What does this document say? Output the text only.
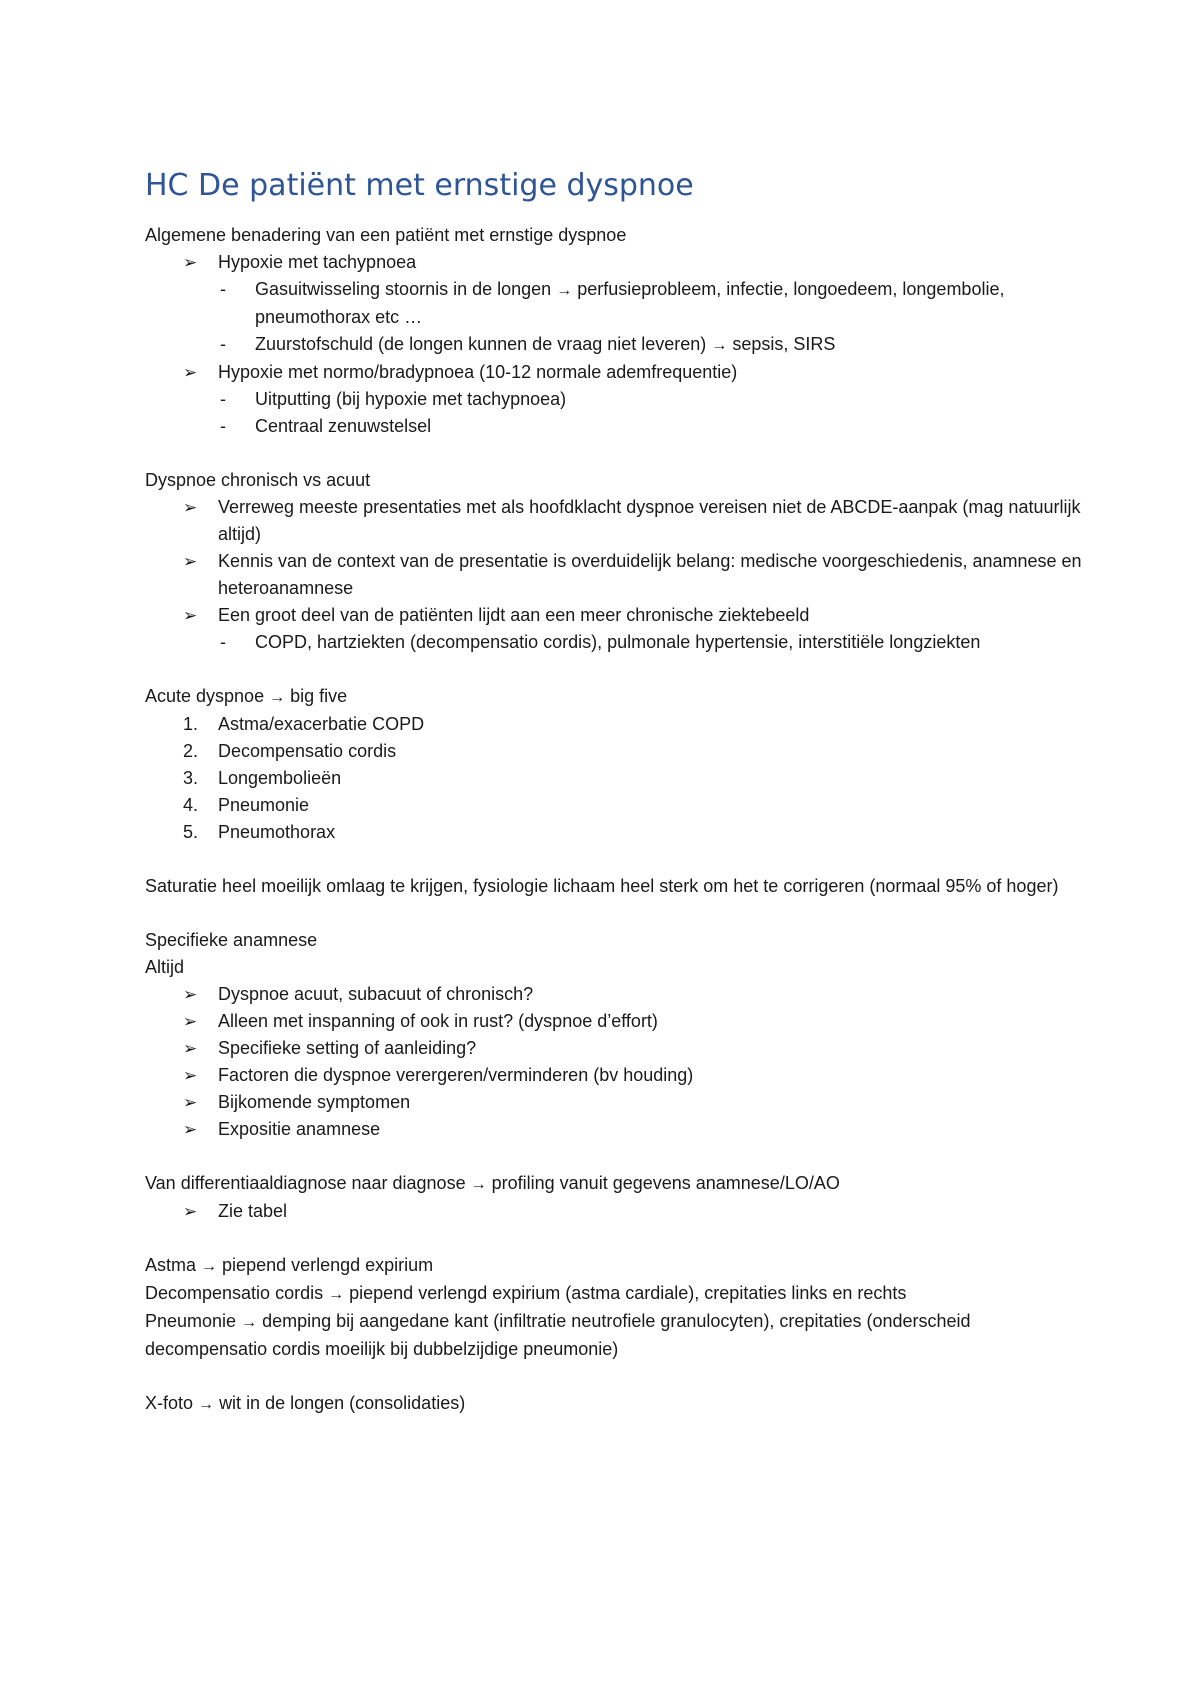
HC De patiënt met ernstige dyspnoe

Algemene benadering van een patiënt met ernstige dyspnoe

➢	Hypoxie met tachypnoea
- Gasuitwisseling stoornis in de longen → perfusieprobleem, infectie, longoedeem, longembolie, pneumothorax etc …
- Zuurstofschuld (de longen kunnen de vraag niet leveren) → sepsis, SIRS
➢	Hypoxie met normo/bradypnoea (10-12 normale ademfrequentie)
- Uitputting (bij hypoxie met tachypnoea)
- Centraal zenuwstelsel

Dyspnoe chronisch vs acuut

➢	Verreweg meeste presentaties met als hoofdklacht dyspnoe vereisen niet de ABCDE-aanpak (mag natuurlijk altijd)
➢	Kennis van de context van de presentatie is overduidelijk belang: medische voorgeschiedenis, anamnese en heteroanamnese
➢	Een groot deel van de patiënten lijdt aan een meer chronische ziektebeeld
- COPD, hartziekten (decompensatio cordis), pulmonale hypertensie, interstitiële longziekten

Acute dyspnoe → big five

1. Astma/exacerbatie COPD
2. Decompensatio cordis
3. Longembolieën
4. Pneumonie
5. Pneumothorax

Saturatie heel moeilijk omlaag te krijgen, fysiologie lichaam heel sterk om het te corrigeren (normaal 95% of hoger)

Specifieke anamnese

Altijd

➢	Dyspnoe acuut, subacuut of chronisch?
➢	Alleen met inspanning of ook in rust? (dyspnoe d’effort)
➢	Specifieke setting of aanleiding?
➢	Factoren die dyspnoe verergeren/verminderen (bv houding)
➢	Bijkomende symptomen
➢	Expositie anamnese

Van differentiaaldiagnose naar diagnose → profiling vanuit gegevens anamnese/LO/AO

➢	Zie tabel

Astma → piepend verlengd expirium

Decompensatio cordis → piepend verlengd expirium (astma cardiale), crepitaties links en rechts

Pneumonie → demping bij aangedane kant (infiltratie neutrofiele granulocyten), crepitaties (onderscheid decompensatio cordis moeilijk bij dubbelzijdige pneumonie)

X-foto → wit in de longen (consolidaties)
